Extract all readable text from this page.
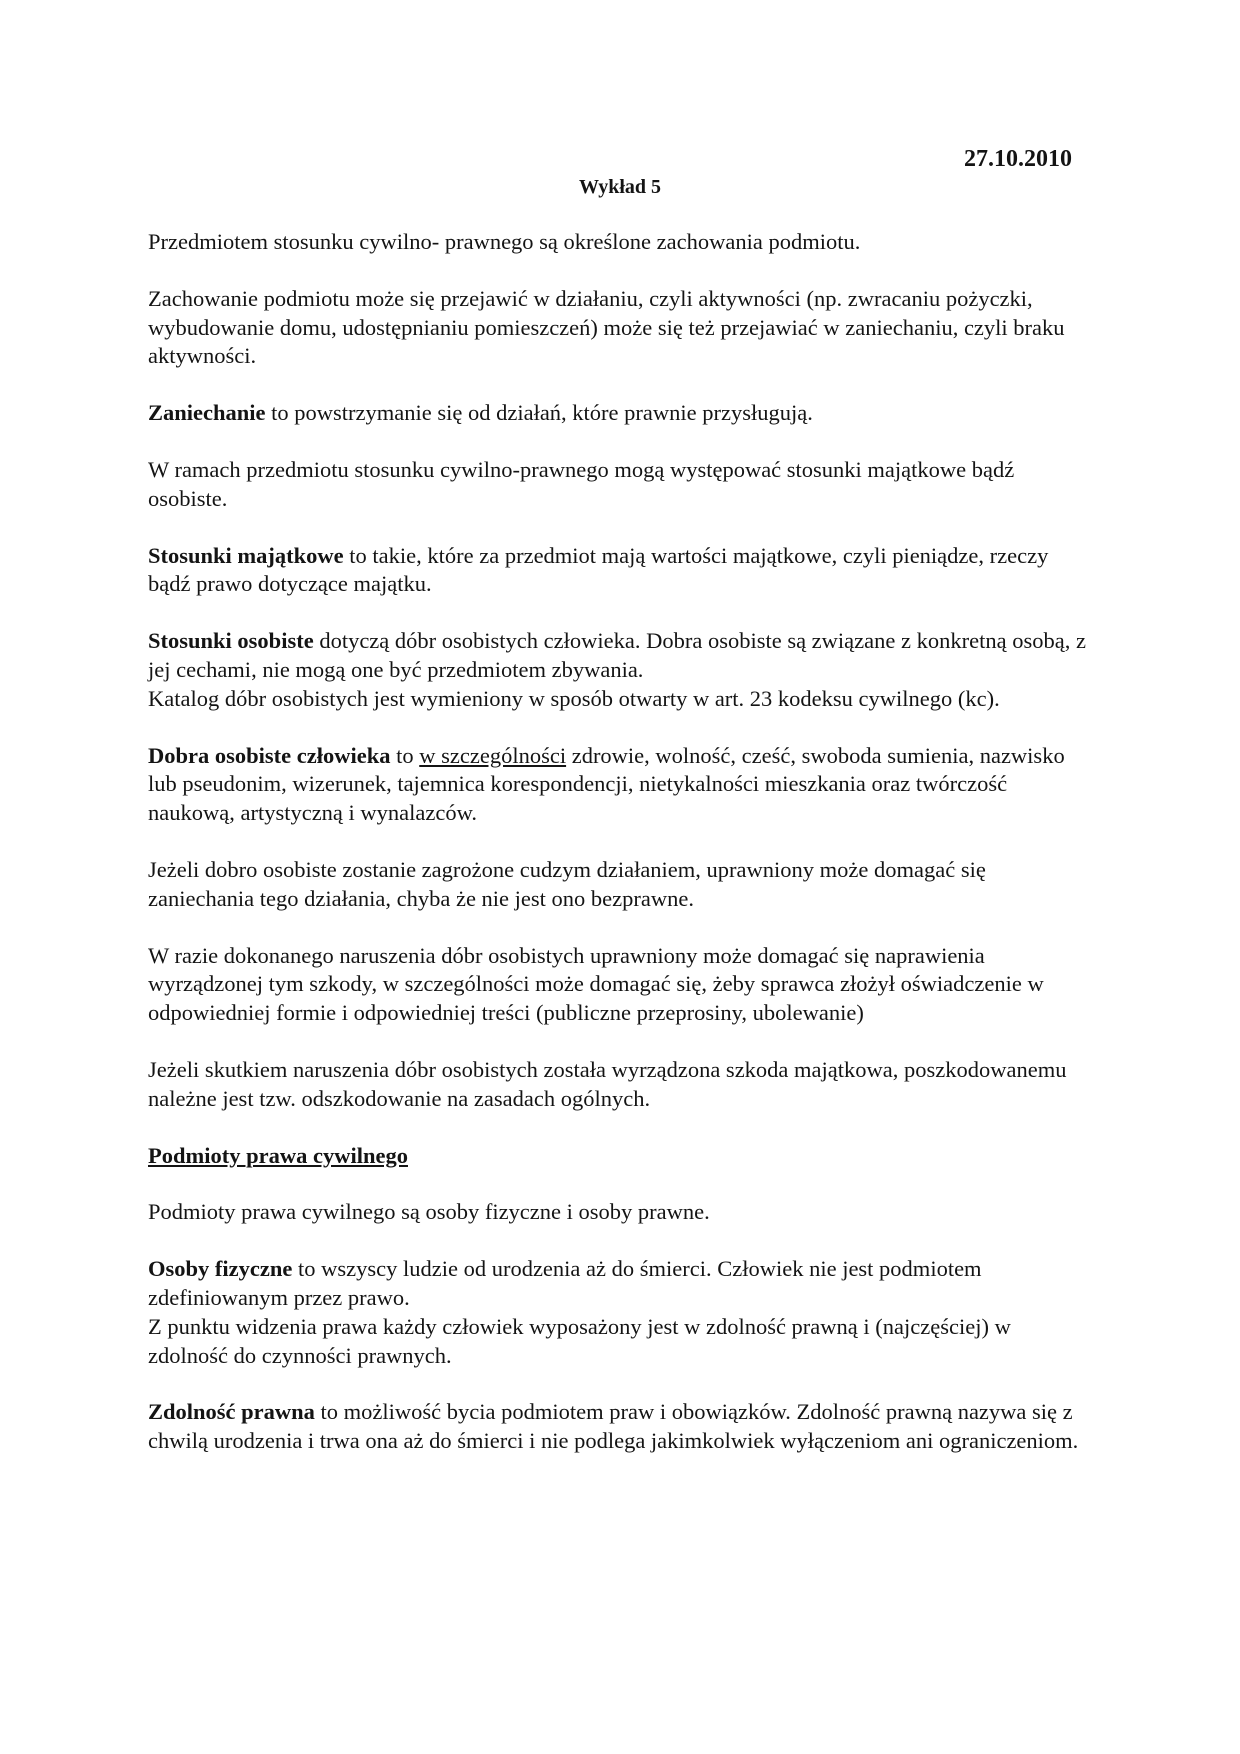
27.10.2010
Wykład 5

Przedmiotem stosunku cywilno- prawnego są określone zachowania podmiotu.

Zachowanie podmiotu może się przejawić w działaniu, czyli aktywności (np. zwracaniu pożyczki, wybudowanie domu, udostępnianiu pomieszczeń) może się też przejawiać w zaniechaniu, czyli braku aktywności.

Zaniechanie to powstrzymanie się od działań, które prawnie przysługują.

W ramach przedmiotu stosunku cywilno-prawnego mogą występować stosunki majątkowe bądź osobiste.

Stosunki majątkowe to takie, które za przedmiot mają wartości majątkowe, czyli pieniądze, rzeczy bądź prawo dotyczące majątku.

Stosunki osobiste dotyczą dóbr osobistych człowieka. Dobra osobiste są związane z konkretną osobą, z jej cechami, nie mogą one być przedmiotem zbywania.

Katalog dóbr osobistych jest wymieniony w sposób otwarty w art. 23 kodeksu cywilnego (kc).

Dobra osobiste człowieka to w szczególności zdrowie, wolność, cześć, swoboda sumienia, nazwisko lub pseudonim, wizerunek, tajemnica korespondencji, nietykalności mieszkania oraz twórczość naukową, artystyczną i wynalazców.

Jeżeli dobro osobiste zostanie zagrożone cudzym działaniem, uprawniony może domagać się zaniechania tego działania, chyba że nie jest ono bezprawne.

W razie dokonanego naruszenia dóbr osobistych uprawniony może domagać się naprawienia wyrządzonej tym szkody, w szczególności może domagać się, żeby sprawca złożył oświadczenie w odpowiedniej formie i odpowiedniej treści (publiczne przeprosiny, ubolewanie)

Jeżeli skutkiem naruszenia dóbr osobistych została wyrządzona szkoda majątkowa, poszkodowanemu należne jest tzw. odszkodowanie na zasadach ogólnych.

Podmioty prawa cywilnego

Podmioty prawa cywilnego są osoby fizyczne i osoby prawne.

Osoby fizyczne to wszyscy ludzie od urodzenia aż do śmierci. Człowiek nie jest podmiotem zdefiniowanym przez prawo.

Z punktu widzenia prawa każdy człowiek wyposażony jest w zdolność prawną i (najczęściej) w zdolność do czynności prawnych.

Zdolność prawna to możliwość bycia podmiotem praw i obowiązków. Zdolność prawną nazywa się z chwilą urodzenia i trwa ona aż do śmierci i nie podlega jakimkolwiek wyłączeniom ani ograniczeniom.
